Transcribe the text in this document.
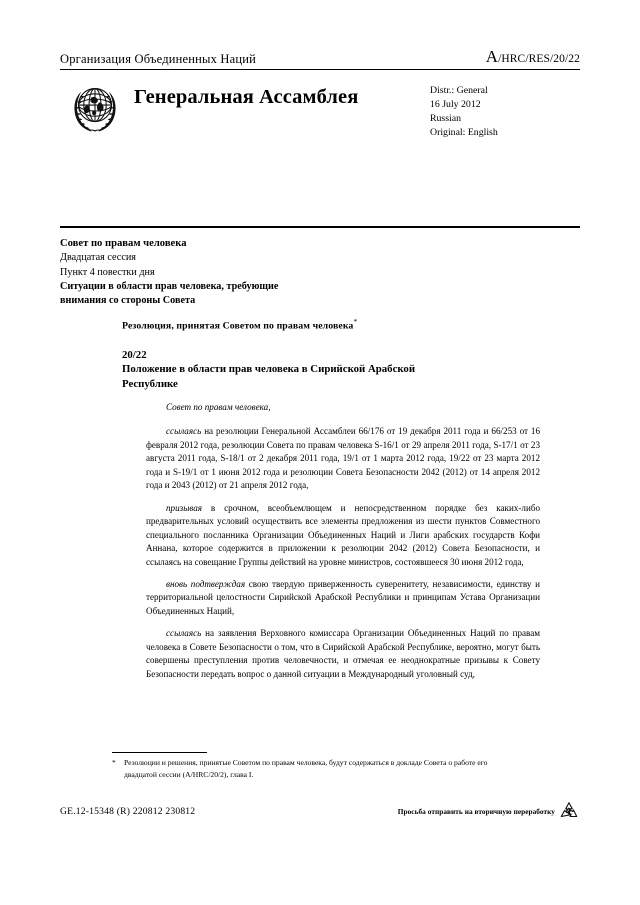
Организация Объединенных Наций	A/HRC/RES/20/22
Генеральная Ассамблея	Distr.: General
16 July 2012
Russian
Original: English
Совет по правам человека
Двадцатая сессия
Пункт 4 повестки дня
Ситуации в области прав человека, требующие
внимания со стороны Совета
Резолюция, принятая Советом по правам человека*
20/22
Положение в области прав человека в Сирийской Арабской Республике

Совет по правам человека,

ссылаясь на резолюции Генеральной Ассамблеи 66/176 от 19 декабря 2011 года и 66/253 от 16 февраля 2012 года, резолюции Совета по правам человека S-16/1 от 29 апреля 2011 года, S-17/1 от 23 августа 2011 года, S-18/1 от 2 декабря 2011 года, 19/1 от 1 марта 2012 года, 19/22 от 23 марта 2012 года и S-19/1 от 1 июня 2012 года и резолюции Совета Безопасности 2042 (2012) от 14 апреля 2012 года и 2043 (2012) от 21 апреля 2012 года,

призывая в срочном, всеобъемлющем и непосредственном порядке без каких-либо предварительных условий осуществить все элементы предложения из шести пунктов Совместного специального посланника Организации Объединенных Наций и Лиги арабских государств Кофи Аннана, которое содержится в приложении к резолюции 2042 (2012) Совета Безопасности, и ссылаясь на совещание Группы действий на уровне министров, состоявшееся 30 июня 2012 года,

вновь подтверждая свою твердую приверженность суверенитету, независимости, единству и территориальной целостности Сирийской Арабской Республики и принципам Устава Организации Объединенных Наций,

ссылаясь на заявления Верховного комиссара Организации Объединенных Наций по правам человека в Совете Безопасности о том, что в Сирийской Арабской Республике, вероятно, могут быть совершены преступления против человечности, и отмечая ее неоднократные призывы к Совету Безопасности передать вопрос о данной ситуации в Международный уголовный суд,

*	Резолюции и решения, принятые Советом по правам человека, будут содержаться в докладе Совета о работе его двадцатой сессии (A/HRC/20/2), глава I.
GE.12-15348 (R) 220812 230812	Просьба отправить на вторичную переработку
